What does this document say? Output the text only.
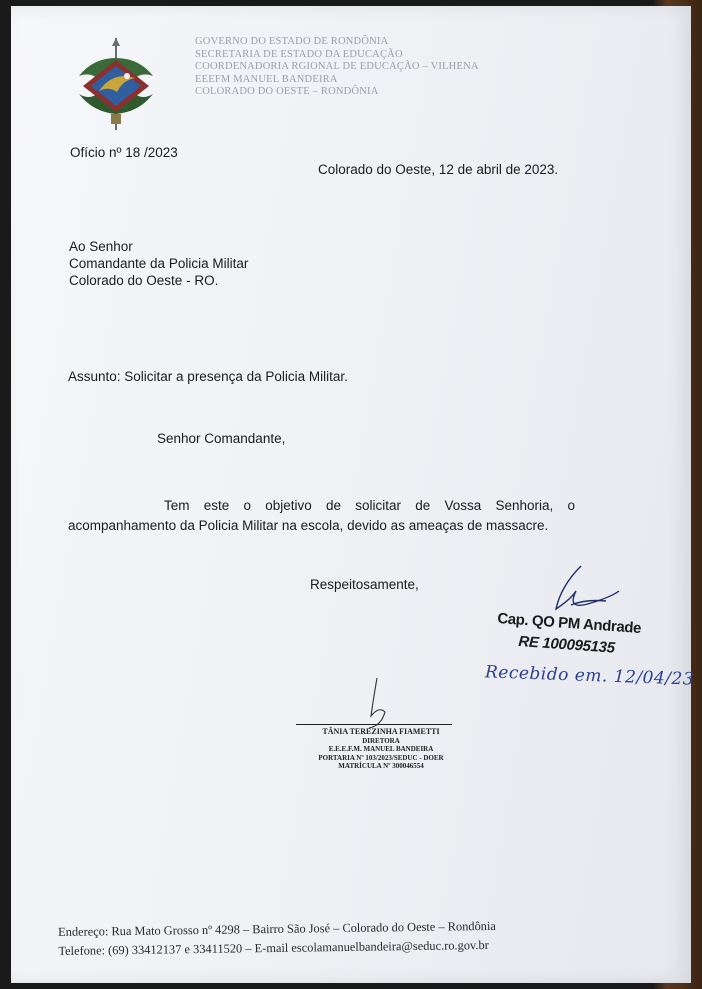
GOVERNO DO ESTADO DE RONDÔNIA
SECRETARIA DE ESTADO DA EDUCAÇÃO
COORDENADORIA RGIONAL DE EDUCAÇÃO – VILHENA
EEEFM MANUEL BANDEIRA
COLORADO DO OESTE – RONDÔNIA
Ofício nº 18 /2023
Colorado do Oeste, 12 de abril de 2023.
Ao Senhor
Comandante da Policia Militar
Colorado do Oeste - RO.
Assunto: Solicitar a presença da Policia Militar.
Senhor Comandante,
Tem este o objetivo de solicitar de Vossa Senhoria, o acompanhamento da Policia Militar na escola, devido as ameaças de massacre.
Respeitosamente,
Cap. QO PM Andrade
RE 100095135
Recebido em. 12/04/23
TÂNIA TEREZINHA FIAMETTI
DIRETORA
E.E.E.F.M. MANUEL BANDEIRA
PORTARIA Nº 103/2023/SEDUC - DOER
MATRÍCULA Nº 300046554
Endereço: Rua Mato Grosso nº 4298 – Bairro São José – Colorado do Oeste – Rondônia
Telefone: (69) 33412137 e 33411520 – E-mail escolamanuelbandeira@seduc.ro.gov.br
